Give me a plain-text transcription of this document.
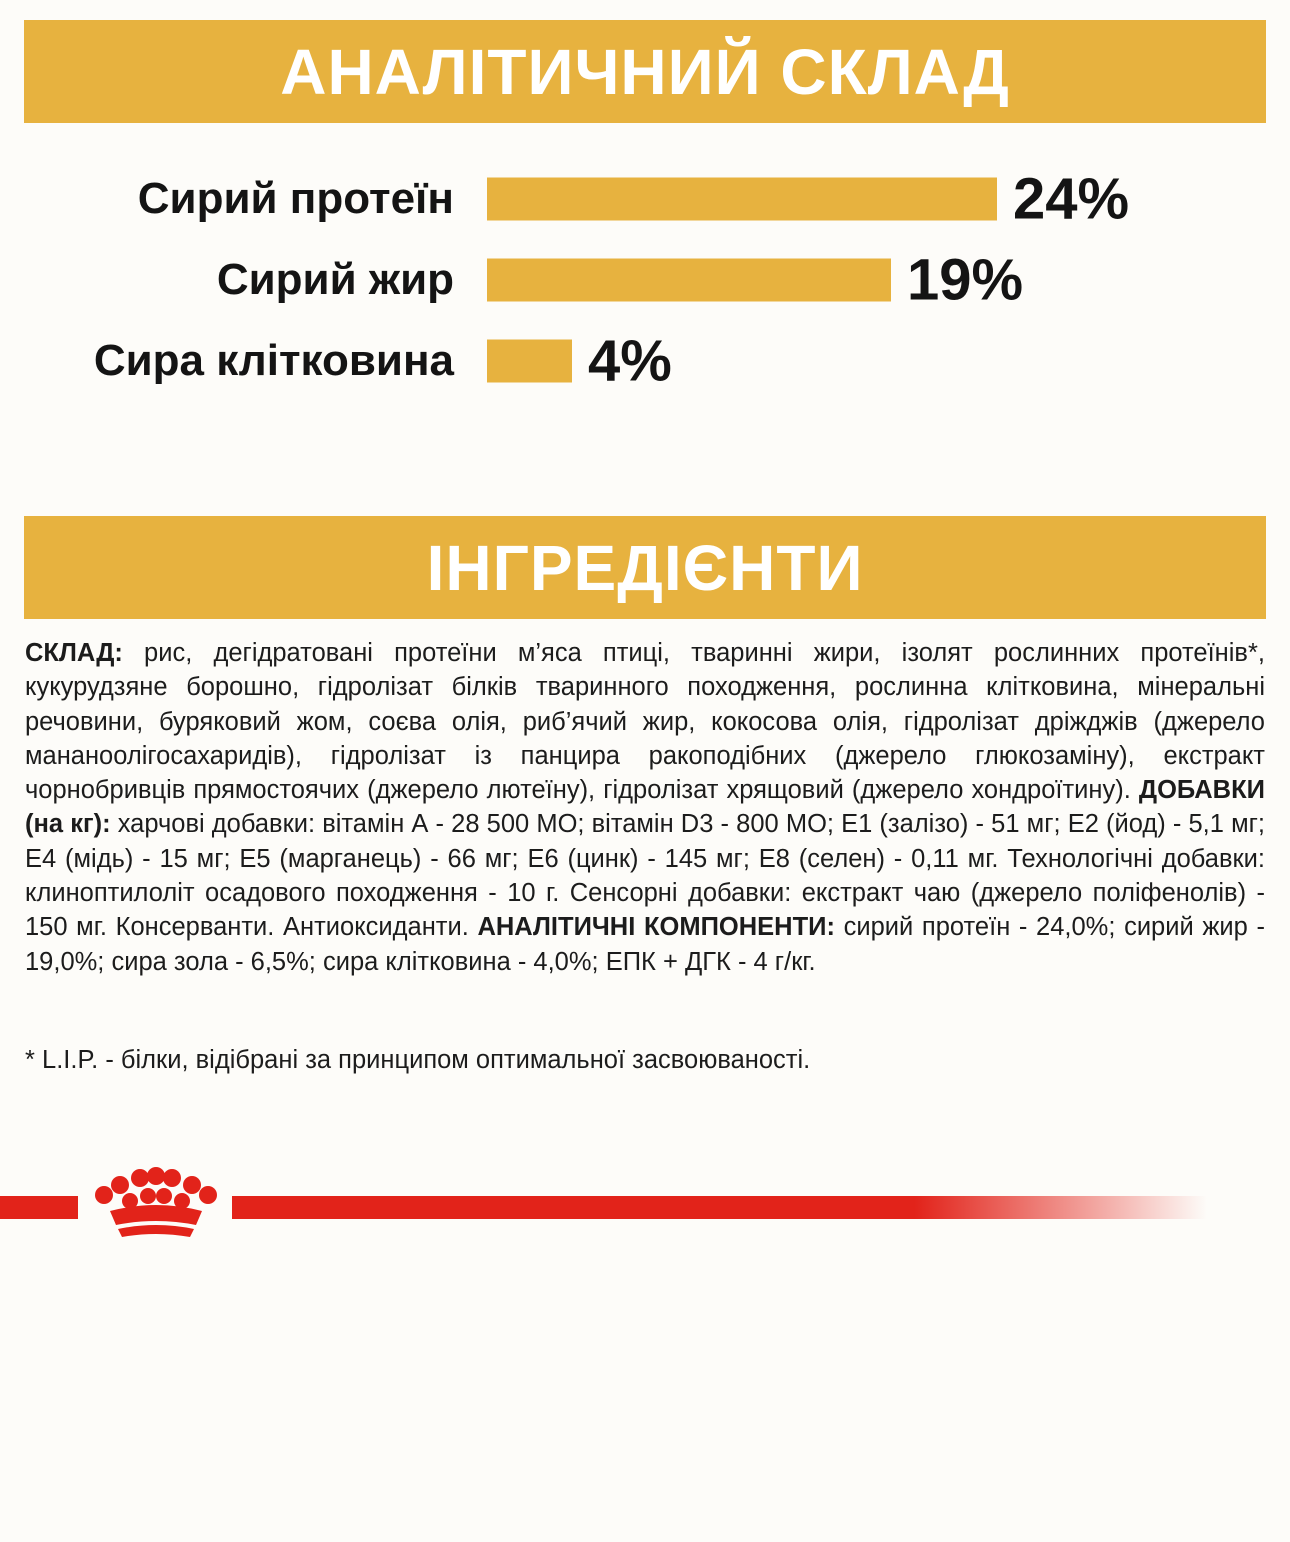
АНАЛІТИЧНИЙ СКЛАД
Сирий протеїн	24%
Сирий жир	19%
Сира клітковина 4%
ІНГРЕДІЄНТИ

СКЛАД: рис, дегідратовані протеїни м’яса птиці, тваринні жири, ізолят рослинних протеїнів*, кукурудзяне борошно, гідролізат білків тваринного походження, рослинна клітковина, мінеральні речовини, буряковий жом, соєва олія, риб’ячий жир, кокосова олія, гідролізат дріжджів (джерело мананоолігосахаридів), гідролізат із панцира ракоподібних (джерело глюкозаміну), екстракт чорнобривців прямостоячих (джерело лютеїну), гідролізат хрящовий (джерело хондроїтину). ДОБАВКИ (на кг): харчові добавки: вітамін А - 28 500 МО; вітамін D3 - 800 МО; Е1 (залізо) - 51 мг; Е2 (йод) - 5,1 мг; Е4 (мідь) - 15 мг; Е5 (марганець) - 66 мг; Е6 (цинк) - 145 мг; Е8 (селен) - 0,11 мг. Технологічні добавки: клиноптилоліт осадового походження - 10 г. Сенсорні добавки: екстракт чаю (джерело поліфенолів) - 150 мг. Консерванти. Антиоксиданти. АНАЛІТИЧНІ КОМПОНЕНТИ: сирий протеїн - 24,0%; сирий жир - 19,0%; сира зола - 6,5%; сира клітковина - 4,0%; ЕПК + ДГК - 4 г/кг.

* L.I.P. - білки, відібрані за принципом оптимальної засвоюваності.
